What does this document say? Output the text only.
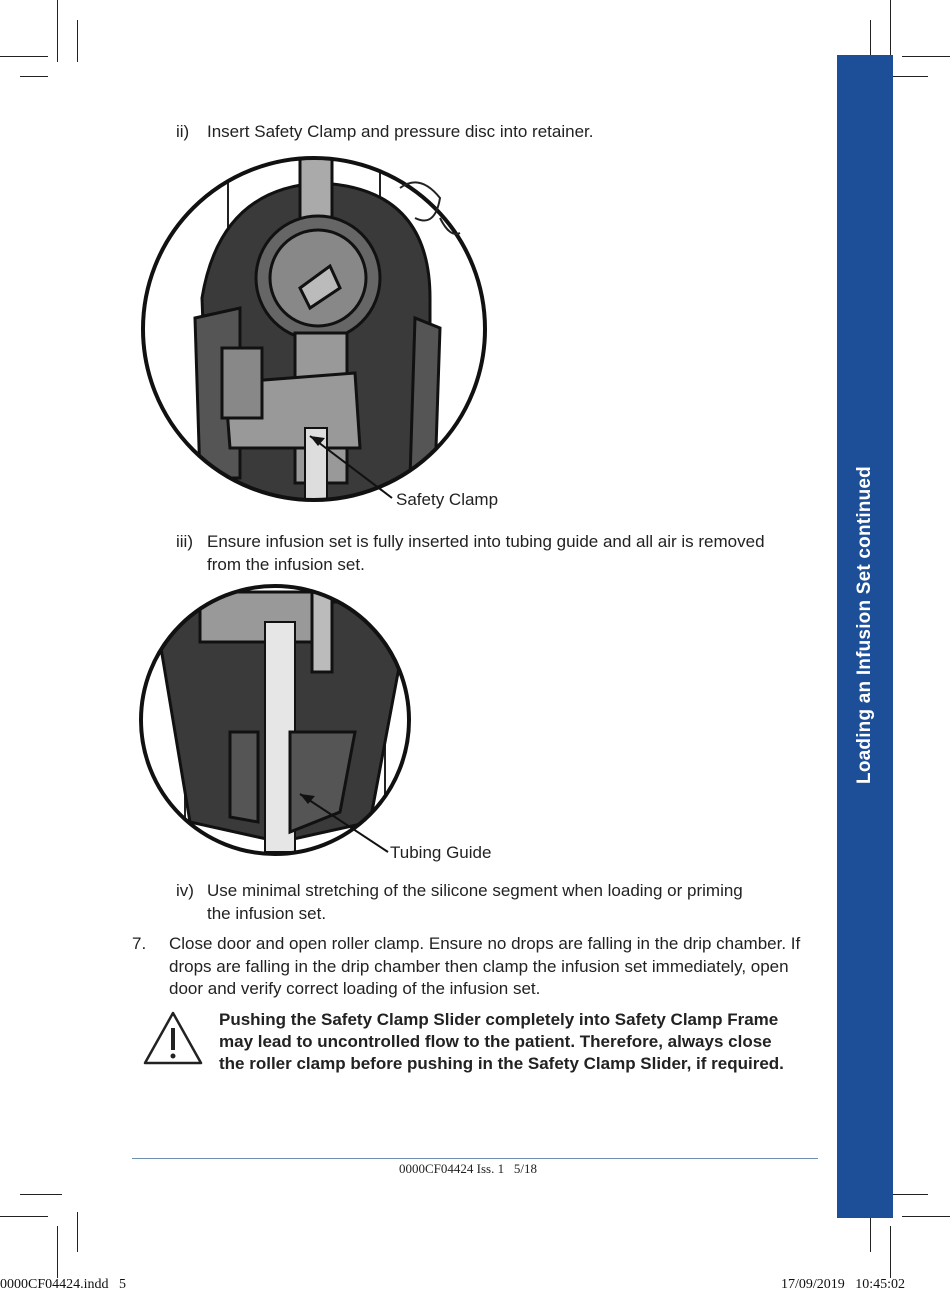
Loading an Infusion Set continued
ii) Insert Safety Clamp and pressure disc into retainer.
Safety Clamp
iii) Ensure infusion set is fully inserted into tubing guide and all air is removed
from the infusion set.
Tubing Guide
iv) Use minimal stretching of the silicone segment when loading or priming
the infusion set.
7. Close door and open roller clamp. Ensure no drops are falling in the drip chamber. If
drops are falling in the drip chamber then clamp the infusion set immediately, open
door and verify correct loading of the infusion set.
Pushing the Safety Clamp Slider completely into Safety Clamp Frame
may lead to uncontrolled flow to the patient. Therefore, always close
the roller clamp before pushing in the Safety Clamp Slider, if required.
0000CF04424 Iss. 1   5/18
0000CF04424.indd   5	17/09/2019   10:45:02
